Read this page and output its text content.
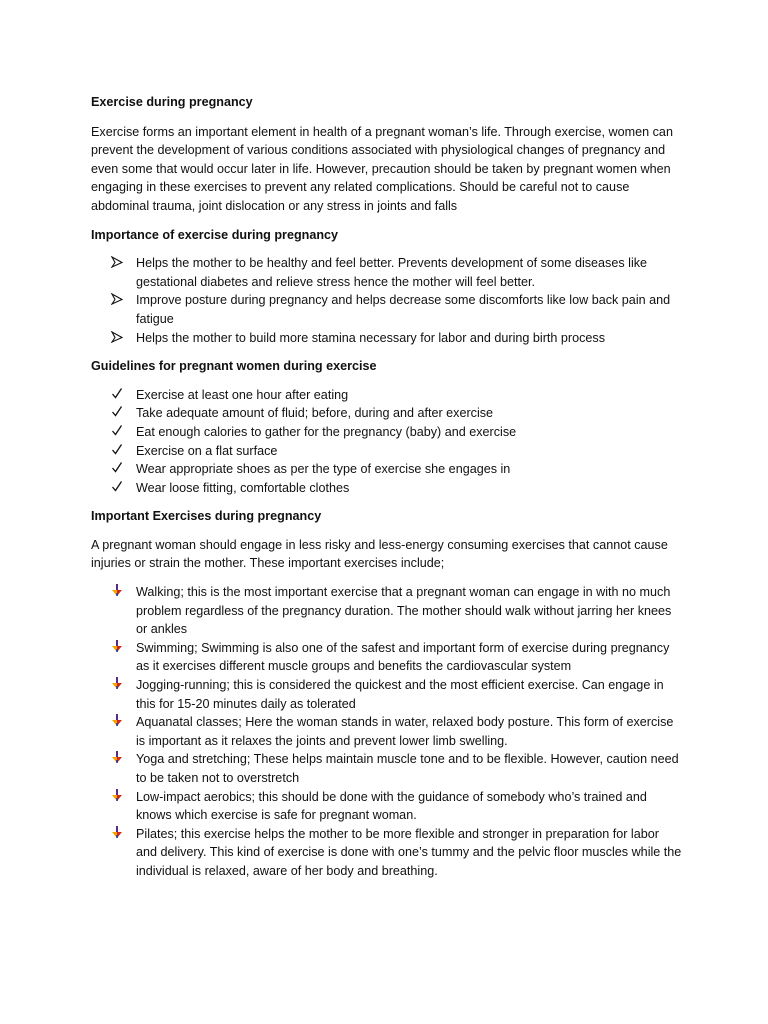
Exercise during pregnancy

Exercise forms an important element in health of a pregnant woman’s life. Through exercise, women can prevent the development of various conditions associated with physiological changes of pregnancy and even some that would occur later in life. However, precaution should be taken by pregnant women when engaging in these exercises to prevent any related complications. Should be careful not to cause abdominal trauma, joint dislocation or any stress in joints and falls

Importance of exercise during pregnancy
Helps the mother to be healthy and feel better. Prevents development of some diseases like gestational diabetes and relieve stress hence the mother will feel better.
Improve posture during pregnancy and helps decrease some discomforts like low back pain and fatigue
Helps the mother to build more stamina necessary for labor and during birth process
Guidelines for pregnant women during exercise
Exercise at least one hour after eating
Take adequate amount of fluid; before, during and after exercise
Eat enough calories to gather for the pregnancy (baby) and exercise
Exercise on a flat surface
Wear appropriate shoes as per the type of exercise she engages in
Wear loose fitting, comfortable clothes
Important Exercises during pregnancy

A pregnant woman should engage in less risky and less-energy consuming exercises that cannot cause injuries or strain the mother. These important exercises include;

Walking; this is the most important exercise that a pregnant woman can engage in with no much problem regardless of the pregnancy duration. The mother should walk without jarring her knees or ankles
Swimming; Swimming is also one of the safest and important form of exercise during pregnancy as it exercises different muscle groups and benefits the cardiovascular system
Jogging-running; this is considered the quickest and the most efficient exercise. Can engage in this for 15-20 minutes daily as tolerated
Aquanatal classes; Here the woman stands in water, relaxed body posture. This form of exercise is important as it relaxes the joints and prevent lower limb swelling.
Yoga and stretching; These helps maintain muscle tone and to be flexible. However, caution need to be taken not to overstretch
Low-impact aerobics; this should be done with the guidance of somebody who’s trained and knows which exercise is safe for pregnant woman.
Pilates; this exercise helps the mother to be more flexible and stronger in preparation for labor and delivery. This kind of exercise is done with one’s tummy and the pelvic floor muscles while the individual is relaxed, aware of her body and breathing.
